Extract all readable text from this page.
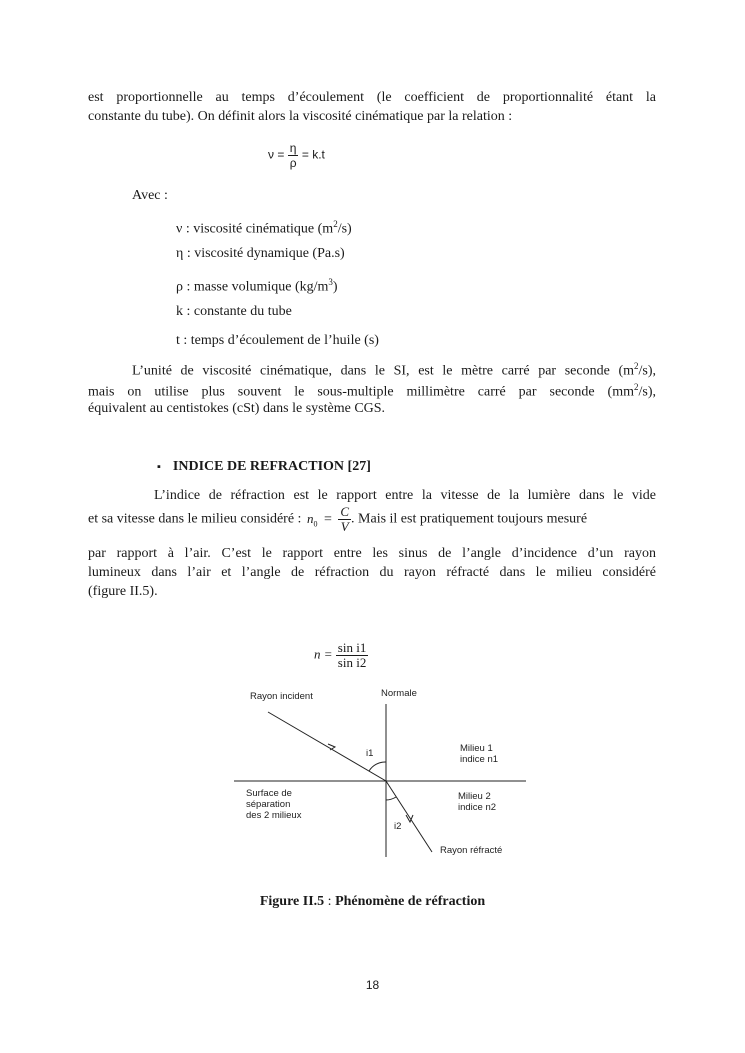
est proportionnelle au temps d’écoulement (le coefficient de proportionnalité étant la
constante du tube). On définit alors la viscosité cinématique par la relation :
$\nu = \frac{\eta}{\rho} = k.t$
Avec :
ν : viscosité cinématique $(m^2/s)$
η : viscosité dynamique (Pa.s)
ρ : masse volumique $(kg/m^3)$
k : constante du tube
t : temps d’écoulement de l’huile (s)
L’unité de viscosité cinématique, dans le SI, est le mètre carré par seconde $(m^2/s)$,
mais on utilise plus souvent le sous-multiple millimètre carré par seconde $(mm^2/s)$,
équivalent au centistokes (cSt) dans le système CGS.
▪ INDICE DE REFRACTION [27]
L’indice de réfraction est le rapport entre la vitesse de la lumière dans le vide
et sa vitesse dans le milieu considéré : $n_0 = \frac{C}{V}$ . Mais il est pratiquement toujours mesuré
par rapport à l’air. C’est le rapport entre les sinus de l’angle d’incidence d’un rayon
lumineux dans l’air et l’angle de réfraction du rayon réfracté dans le milieu considéré
(figure II.5).
$n = \frac{\text{sin i1}}{\text{sin i2}}$
Rayon incident	Normale
i1	Milieu 1
indice n1
Surface de
séparation
des 2 milieux
Milieu 2
indice n2
i2
Rayon réfracté
Figure II.5 : Phénomène de réfraction
18
